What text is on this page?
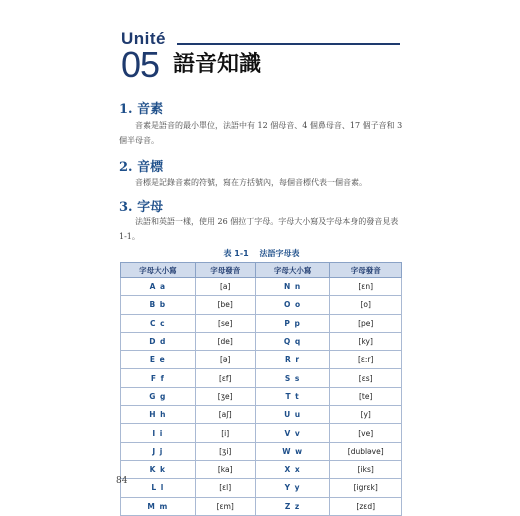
Unité
05 語音知識
1. 音素
音素是語音的最小單位，法語中有 12 個母音、4 個鼻母音、17 個子音和 3 個半母音。
2. 音標
音標是記錄音素的符號，寫在方括號內，每個音標代表一個音素。
3. 字母
法語和英語一樣，使用 26 個拉丁字母。字母大小寫及字母本身的發音見表 1-1。
表 1-1 法語字母表
字母大小寫	字母發音	字母大小寫	字母發音
A a	[a]	N n	[ɛn]
B b	[be]	O o	[o]
C c	[se]	P p	[pe]
D d	[de]	Q q	[ky]
E e	[ə]	R r	[ɛ:r]
F f	[ɛf]	S s	[ɛs]
G g	[ʒe]	T t	[te]
H h	[aʃ]	U u	[y]
I i	[i]	V v	[ve]
J j	[ʒi]	W w	[dublǝve]
K k	[ka]	X x	[iks]
L l	[ɛl]	Y y	[igrɛk]
M m	[ɛm]	Z z	[zɛd]
84
